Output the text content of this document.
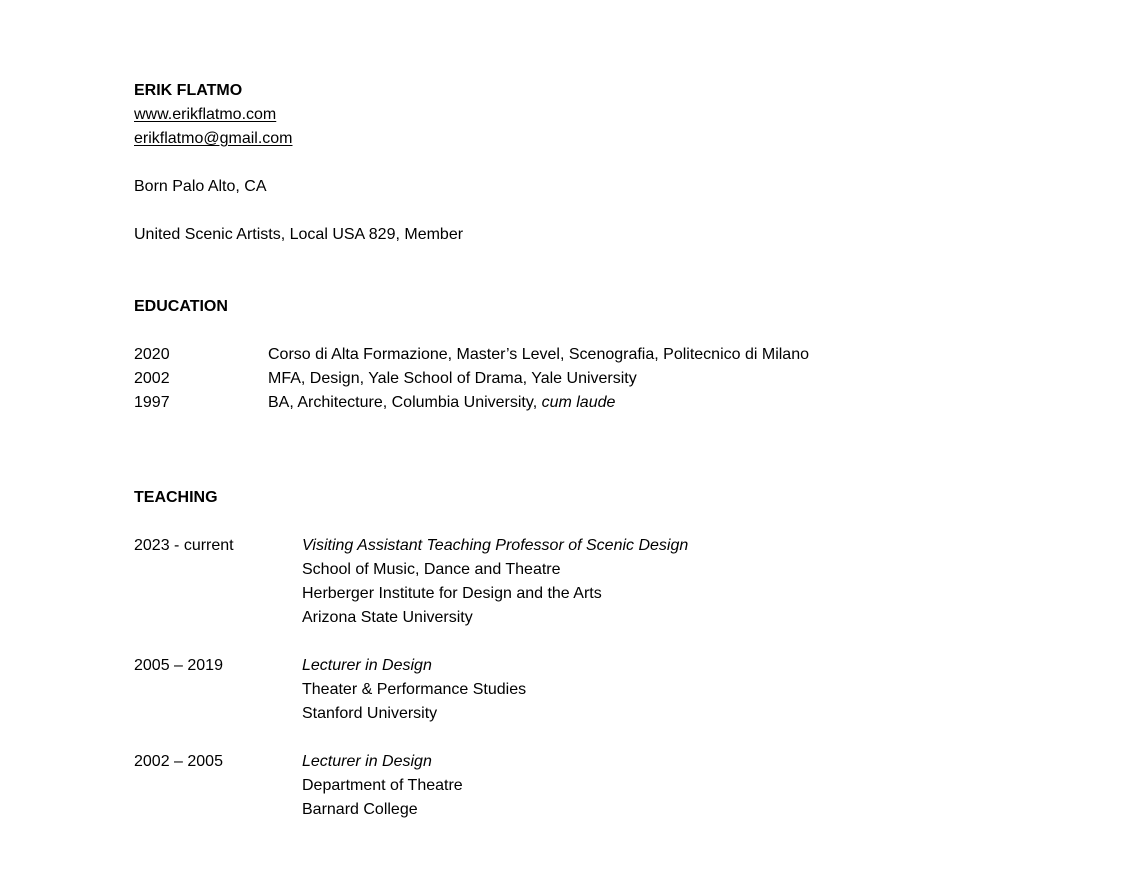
ERIK FLATMO
www.erikflatmo.com
erikflatmo@gmail.com
Born Palo Alto, CA
United Scenic Artists, Local USA 829, Member
EDUCATION
2020	Corso di Alta Formazione, Master’s Level, Scenografia, Politecnico di Milano
2002	MFA, Design, Yale School of Drama, Yale University
1997	BA, Architecture, Columbia University, cum laude
TEACHING
2023 - current	Visiting Assistant Teaching Professor of Scenic Design
School of Music, Dance and Theatre
Herberger Institute for Design and the Arts
Arizona State University
2005 – 2019	Lecturer in Design
Theater & Performance Studies
Stanford University
2002 – 2005	Lecturer in Design
Department of Theatre
Barnard College
